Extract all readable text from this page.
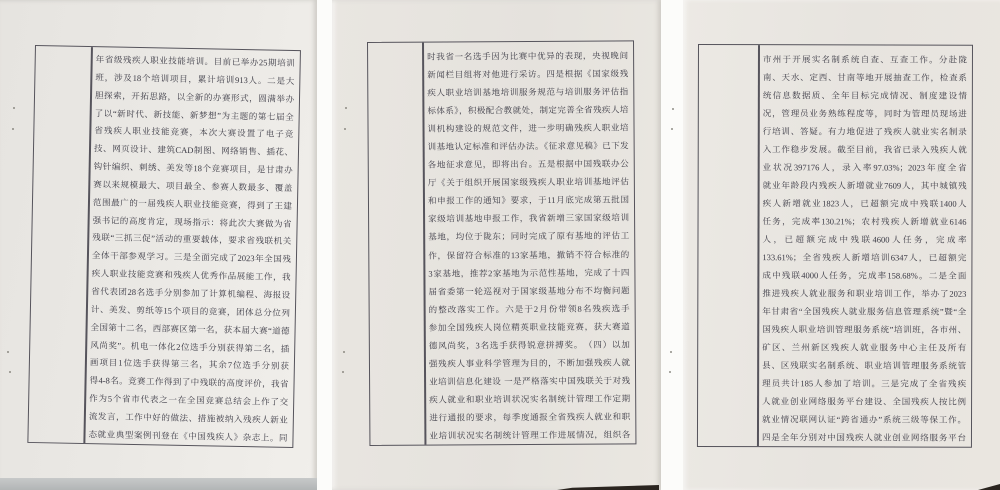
年省级残疾人职业技能培训。目前已举办25期培训
班，涉及18个培训项目，累计培训913人。二是大
胆探索，开拓思路，以全新的办赛形式，圆满举办
了以“新时代、新技能、新梦想”为主题的第七届全
省残疾人职业技能竞赛，本次大赛设置了电子竞
技、网页设计、建筑CAD制图、网络销售、插花、
钩针编织、刺绣、美发等18个竞赛项目，是甘肃办
赛以来规模最大、项目最全、参赛人数最多、覆盖
范围最广的一届残疾人职业技能竞赛，得到了王建
强书记的高度肯定，现场指示：将此次大赛做为省
残联“三抓三促”活动的重要载体，要求省残联机关
全体干部参观学习。三是全面完成了2023年全国残
疾人职业技能竞赛和残疾人优秀作品展能工作，我
省代表团28名选手分别参加了计算机编程、海报设
计、美发、剪纸等15个项目的竞赛，团体总分位列
全国第十二名，西部赛区第一名，获本届大赛“道德
风尚奖”。机电一体化2位选手分别获得第二名，插
画项目1位选手获得第三名，其余7位选手分别获
得4-8名。竞赛工作得到了中残联的高度评价，我省
作为5个省市代表之一在全国竞赛总结会上作了交
流发言，工作中好的做法、措施被纳入残疾人新业
态就业典型案例刊登在《中国残疾人》杂志上。同
时我省一名选手因为比赛中优异的表现，央视晚间
新闻栏目组将对他进行采访。四是根据《国家级残
疾人职业培训基地培训服务规范与培训服务评估指
标体系》，积极配合教就处，制定完善全省残疾人培
训机构建设的规范文件，进一步明确残疾人职业培
训基地认定标准和评估办法。《征求意见稿》已下发
各地征求意见，即将出台。五是根据中国残联办公
厅《关于组织开展国家级残疾人职业培训基地评估
和申报工作的通知》要求，于11月底完成第五批国
家级培训基地申报工作，我省新增三家国家级培训
基地，均位于陇东；同时完成了原有基地的评估工
作，保留符合标准的13家基地，撤销不符合标准的
3家基地，推荐2家基地为示范性基地，完成了十四
届省委第一轮巡视对于国家级基地分布不均衡问题
的整改落实工作。六是于2月份带领8名残疾选手
参加全国残疾人岗位精英职业技能竞赛，获大赛道
德风尚奖，3名选手获得锐意拼搏奖。　（四）以加
强残疾人事业科学管理为目的，不断加强残疾人就
业培训信息化建设 一是严格落实中国残联关于对残
疾人就业和职业培训状况实名制统计管理工作定期
进行通报的要求，每季度通报全省残疾人就业和职
业培训状况实名制统计管理工作进展情况，组织各
市州于开展实名制系统自查、互查工作。分赴陇
南、天水、定西、甘南等地开展抽查工作，检查系
统信息数据质、全年目标完成情况、制度建设情
况，管理员业务熟练程度等，同时为管理员现场进
行培训、答疑。有力地促进了残疾人就业实名制录
入工作稳步发展。截至目前，我省已录入残疾人就
业状况397176人，录入率97.03%；2023年度全省
就业年龄段内残疾人新增就业7609人，其中城镇残
疾人新增就业1823人，已超额完成中残联1400人
任务，完成率130.21%；农村残疾人新增就业6146
人，已超额完成中残联4600人任务，完成率
133.61%；全省残疾人新增培训6347人，已超额完
成中残联4000人任务，完成率158.68%。二是全面
推进残疾人就业服务和职业培训工作，举办了2023
年甘肃省“全国残疾人就业服务信息管理系统”暨“全
国残疾人职业培训管理服务系统”培训班，各市州、
矿区、兰州新区残疾人就业服务中心主任及所有
县、区残联实名制系统、职业培训管理服务系统管
理员共计185人参加了培训。三是完成了全省残疾
人就业创业网络服务平台建设、全国残疾人按比例
就业情况联网认证“跨省通办”系统三级等保工作。
四是全年分别对中国残疾人就业创业网络服务平台
